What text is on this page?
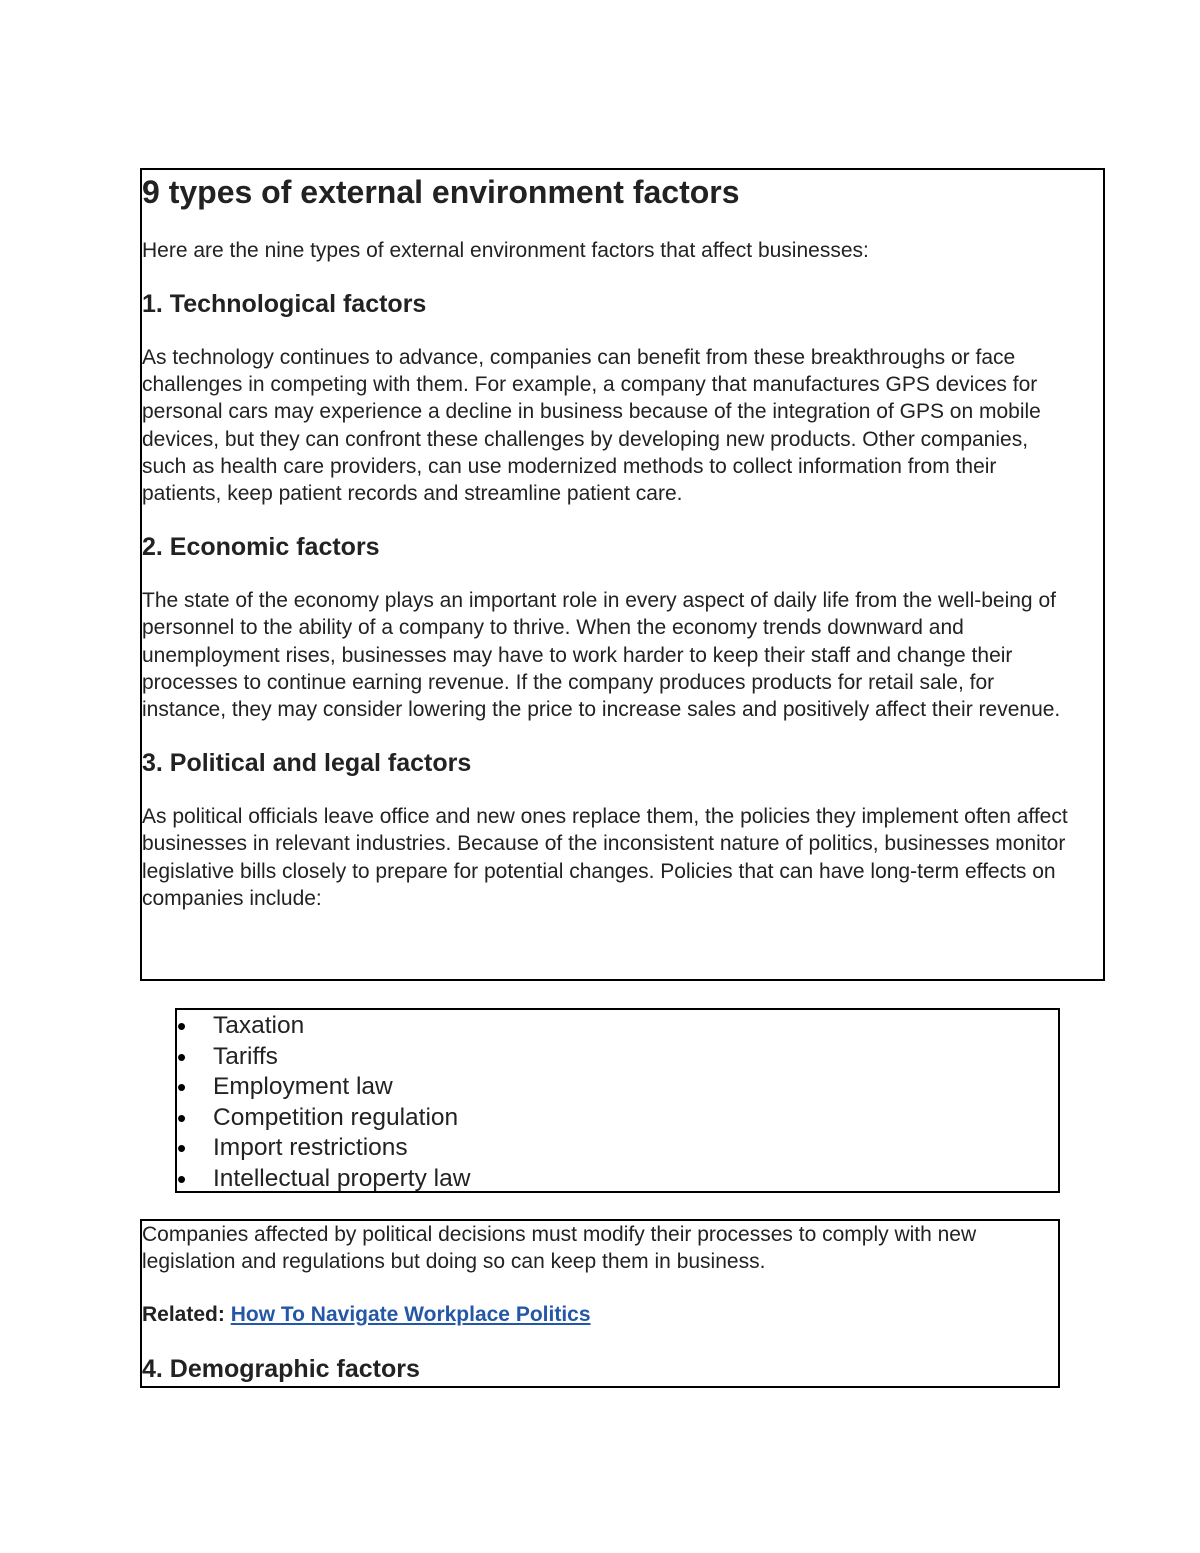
9 types of external environment factors

Here are the nine types of external environment factors that affect businesses:

1. Technological factors

As technology continues to advance, companies can benefit from these breakthroughs or face challenges in competing with them. For example, a company that manufactures GPS devices for personal cars may experience a decline in business because of the integration of GPS on mobile devices, but they can confront these challenges by developing new products. Other companies, such as health care providers, can use modernized methods to collect information from their patients, keep patient records and streamline patient care.

2. Economic factors

The state of the economy plays an important role in every aspect of daily life from the well-being of personnel to the ability of a company to thrive. When the economy trends downward and unemployment rises, businesses may have to work harder to keep their staff and change their processes to continue earning revenue. If the company produces products for retail sale, for instance, they may consider lowering the price to increase sales and positively affect their revenue.

3. Political and legal factors

As political officials leave office and new ones replace them, the policies they implement often affect businesses in relevant industries. Because of the inconsistent nature of politics, businesses monitor legislative bills closely to prepare for potential changes. Policies that can have long-term effects on companies include:

• Taxation
• Tariffs
• Employment law
• Competition regulation
• Import restrictions
• Intellectual property law

Companies affected by political decisions must modify their processes to comply with new legislation and regulations but doing so can keep them in business.

Related: How To Navigate Workplace Politics

4. Demographic factors
